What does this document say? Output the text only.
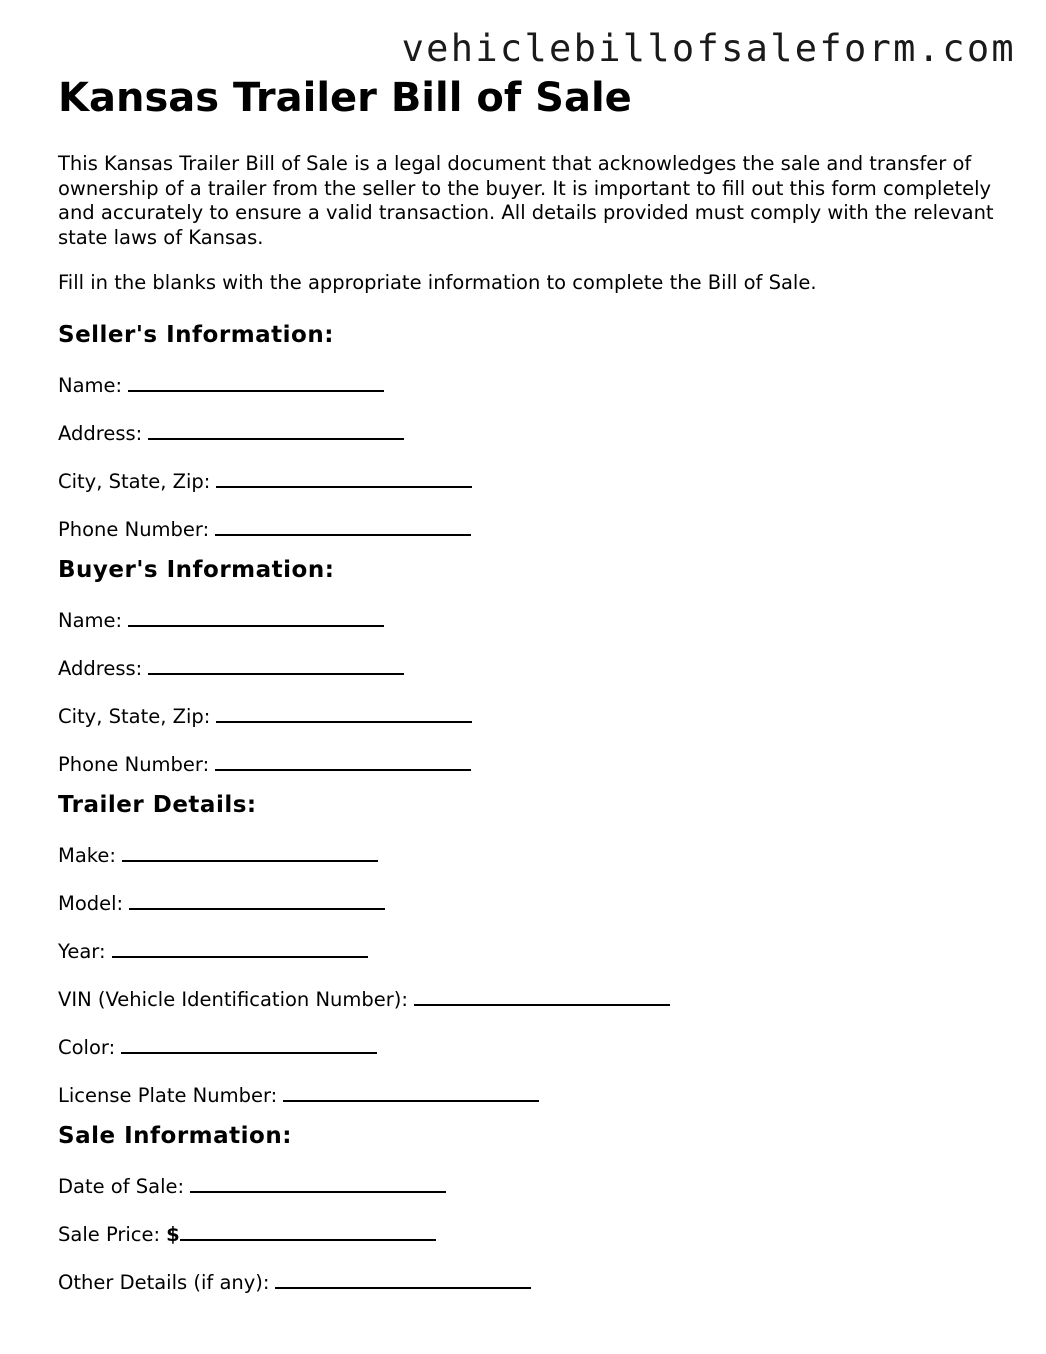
vehiclebillofsaleform.com
Kansas Trailer Bill of Sale

This Kansas Trailer Bill of Sale is a legal document that acknowledges the sale and transfer of ownership of a trailer from the seller to the buyer. It is important to fill out this form completely and accurately to ensure a valid transaction. All details provided must comply with the relevant state laws of Kansas.

Fill in the blanks with the appropriate information to complete the Bill of Sale.

Seller's Information:

Name:

Address:

City, State, Zip:

Phone Number:

Buyer's Information:

Name:

Address:

City, State, Zip:

Phone Number:

Trailer Details:

Make:

Model:

Year:

VIN (Vehicle Identification Number):

Color:

License Plate Number:

Sale Information:

Date of Sale:

Sale Price: $

Other Details (if any):
